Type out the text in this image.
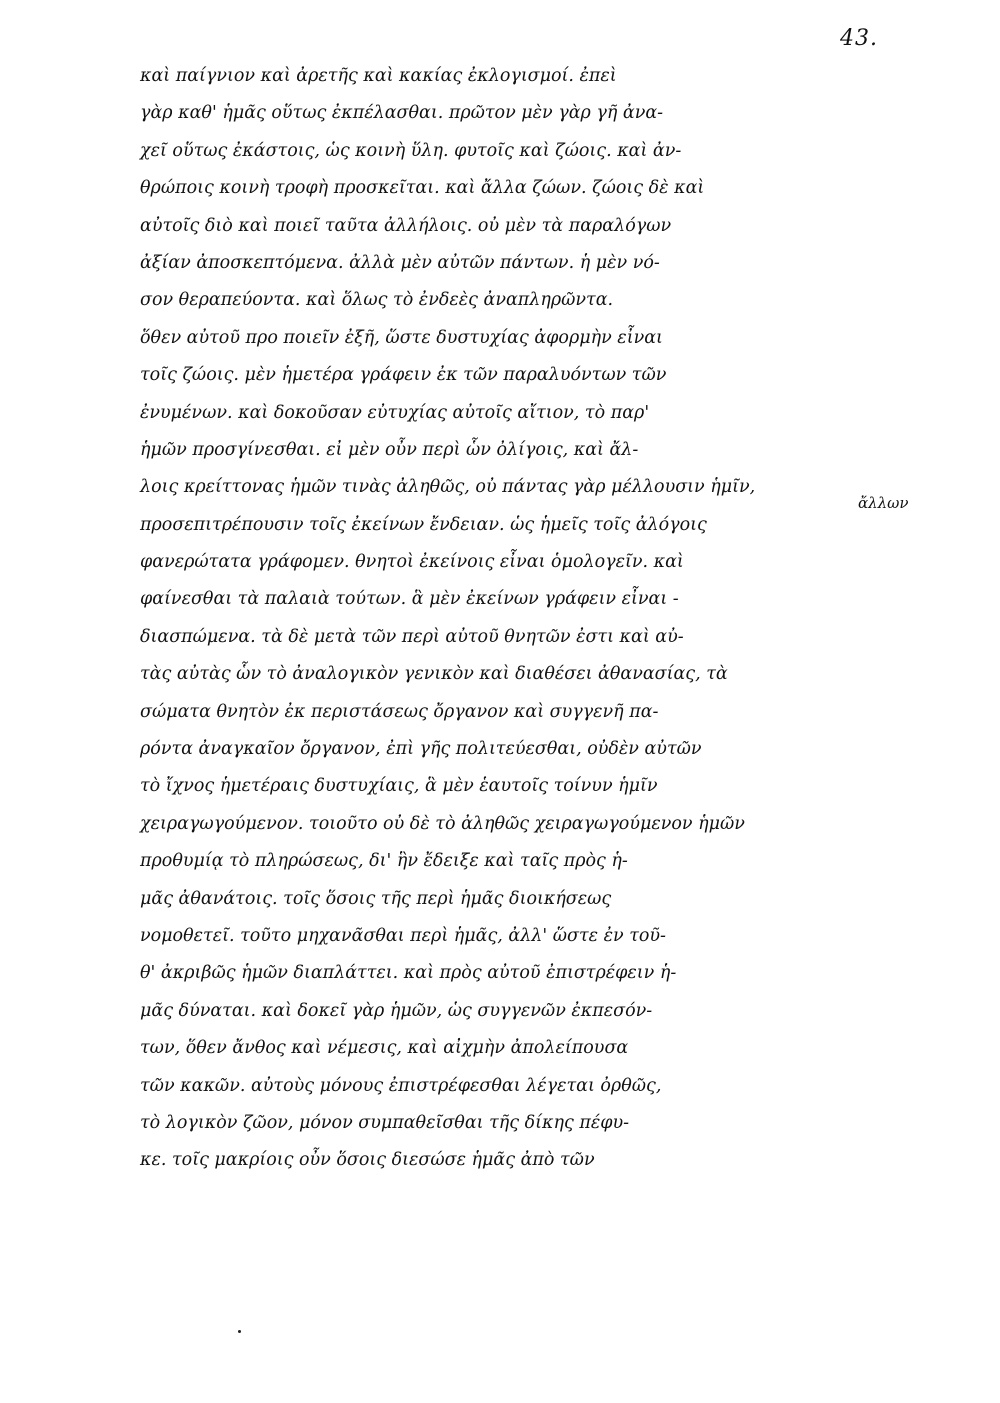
43.
καὶ παίγνιον καὶ ἀρετῆς καὶ κακίας ἐκλογισμοί. ἐπεὶ
γὰρ καθ' ἡμᾶς οὕτως ἐκπέλασθαι. πρῶτον μὲν γὰρ γῆ ἀνα-
χεῖ οὕτως ἐκάστοις, ὡς κοινὴ ὕλη. φυτοῖς καὶ ζώοις. καὶ ἀν-
θρώποις κοινὴ τροφὴ προσκεῖται. καὶ ἄλλα ζώων. ζώοις δὲ καὶ
αὐτοῖς διὸ καὶ ποιεῖ ταῦτα ἀλλήλοις. οὐ μὲν τὰ παραλόγων
ἀξίαν ἀποσκεπτόμενα. ἀλλὰ μὲν αὐτῶν πάντων. ἡ μὲν νό-
σον θεραπεύοντα. καὶ ὅλως τὸ ἐνδεὲς ἀναπληρῶντα.
ὅθεν αὐτοῦ προ ποιεῖν ἐξῆ, ὥστε δυστυχίας ἀφορμὴν εἶναι
τοῖς ζώοις. μὲν ἡμετέρα γράφειν ἐκ τῶν παραλυόντων τῶν
ἐνυμένων. καὶ δοκοῦσαν εὐτυχίας αὐτοῖς αἴτιον, τὸ παρ'
ἡμῶν προσγίνεσθαι. εἰ μὲν οὖν περὶ ὧν ὀλίγοις, καὶ ἄλ-
λοις κρείττονας ἡμῶν τινὰς ἀληθῶς, οὐ πάντας γὰρ μέλλουσιν ἡμῖν,
προσεπιτρέπουσιν τοῖς ἐκείνων ἔνδειαν. ὡς ἡμεῖς τοῖς ἀλόγοις
φανερώτατα γράφομεν. θνητοὶ ἐκείνοις εἶναι ὁμολογεῖν. καὶ
φαίνεσθαι τὰ παλαιὰ τούτων. ἃ μὲν ἐκείνων γράφειν εἶναι -
διασπώμενα. τὰ δὲ μετὰ τῶν περὶ αὐτοῦ θνητῶν ἐστι καὶ αὐ-
τὰς αὐτὰς ὧν τὸ ἀναλογικὸν γενικὸν καὶ διαθέσει ἀθανασίας, τὰ
σώματα θνητὸν ἐκ περιστάσεως ὄργανον καὶ συγγενῆ πα-
ρόντα ἀναγκαῖον ὄργανον, ἐπὶ γῆς πολιτεύεσθαι, οὐδὲν αὐτῶν
τὸ ἴχνος ἡμετέραις δυστυχίαις, ἃ μὲν ἑαυτοῖς τοίνυν ἡμῖν
χειραγωγούμενον. τοιοῦτο οὐ δὲ τὸ ἀληθῶς χειραγωγούμενον ἡμῶν
προθυμίᾳ τὸ πληρώσεως, δι' ἣν ἔδειξε καὶ ταῖς πρὸς ἡ-
μᾶς ἀθανάτοις. τοῖς ὅσοις τῆς περὶ ἡμᾶς διοικήσεως
νομοθετεῖ. τοῦτο μηχανᾶσθαι περὶ ἡμᾶς, ἀλλ' ὥστε ἐν τοῦ-
θ' ἀκριβῶς ἡμῶν διαπλάττει. καὶ πρὸς αὐτοῦ ἐπιστρέφειν ἡ-
μᾶς δύναται. καὶ δοκεῖ γὰρ ἡμῶν, ὡς συγγενῶν ἐκπεσόν-
των, ὅθεν ἄνθος καὶ νέμεσις, καὶ αἰχμὴν ἀπολείπουσα
τῶν κακῶν. αὐτοὺς μόνους ἐπιστρέφεσθαι λέγεται ὀρθῶς,
τὸ λογικὸν ζῶον, μόνον συμπαθεῖσθαι τῆς δίκης πέφυ-
κε. τοῖς μακρίοις οὖν ὅσοις διεσώσε ἡμᾶς ἀπὸ τῶν
ἄλλων
